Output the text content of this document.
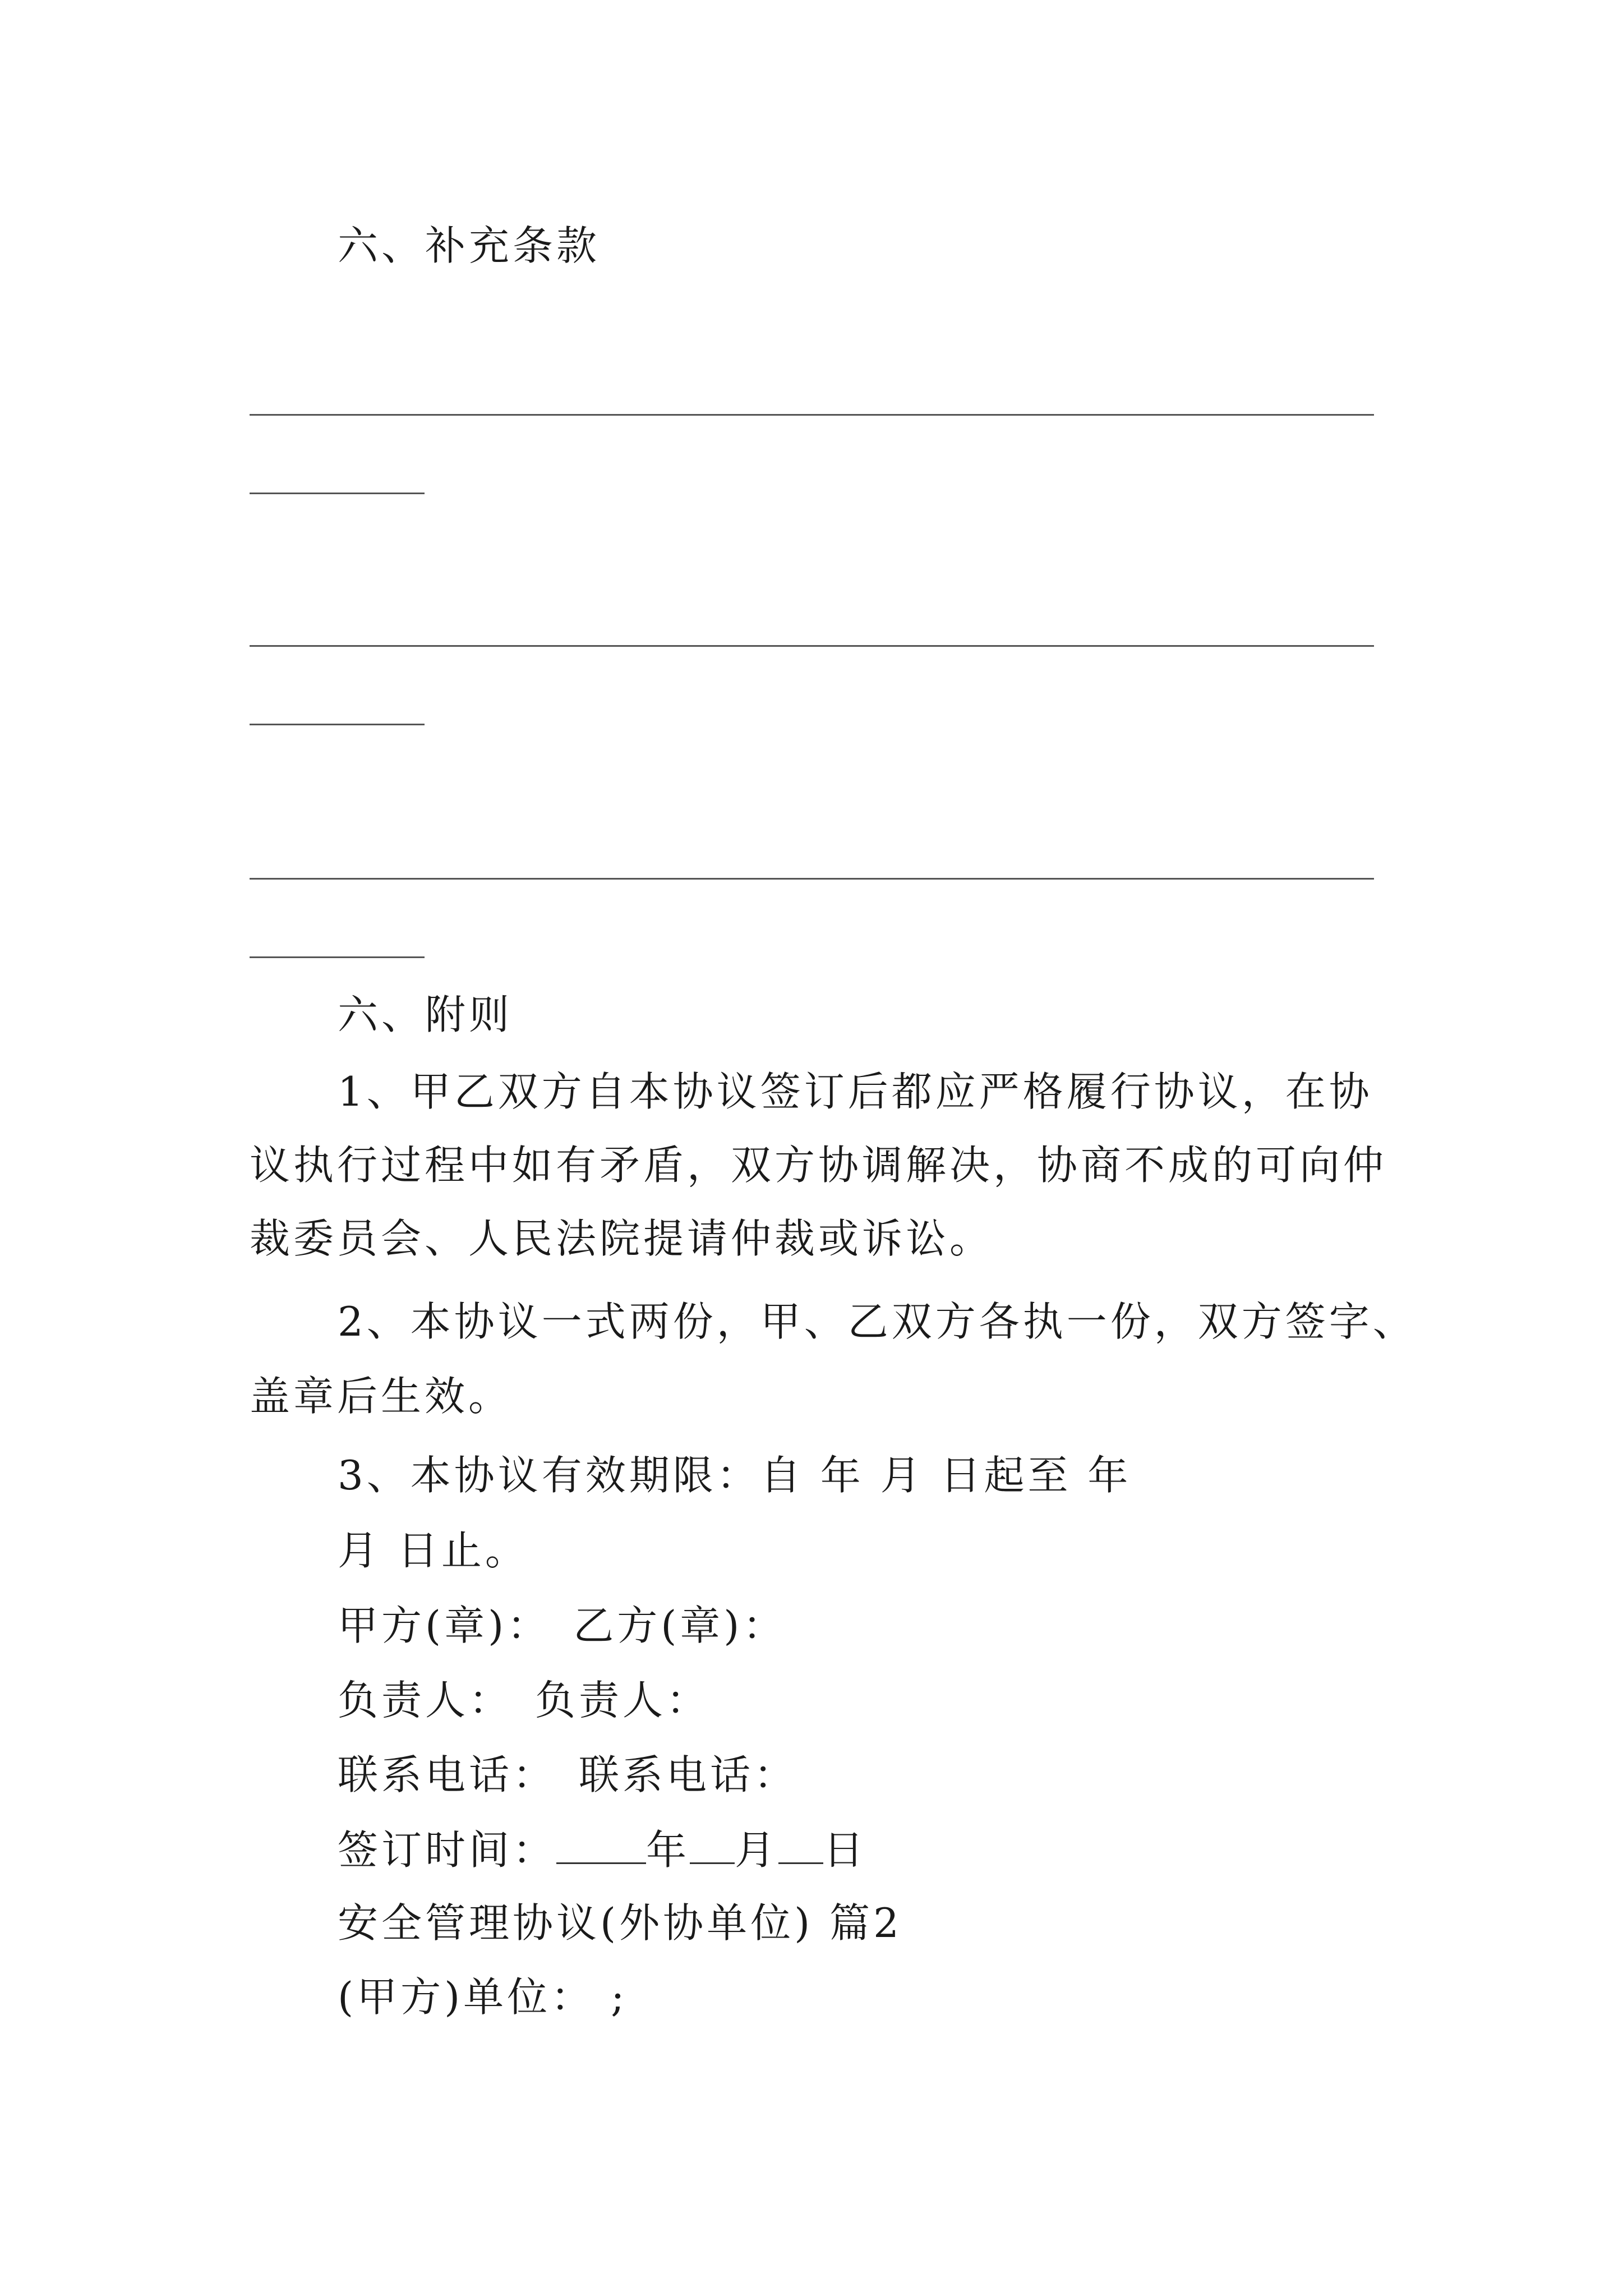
六、补充条款
六、附则
1、甲乙双方自本协议签订后都应严格履行协议，在协
议执行过程中如有矛盾，双方协调解决，协商不成的可向仲
裁委员会、人民法院提请仲裁或诉讼。
2、本协议一式两份，甲、乙双方各执一份，双方签字、
盖章后生效。
3、本协议有效期限：自 年 月 日起至 年
月 日止。
甲方(章)： 乙方(章)：
负责人： 负责人：
联系电话： 联系电话：
签订时间： 年 月 日
安全管理协议(外协单位) 篇2
(甲方)单位： ;
